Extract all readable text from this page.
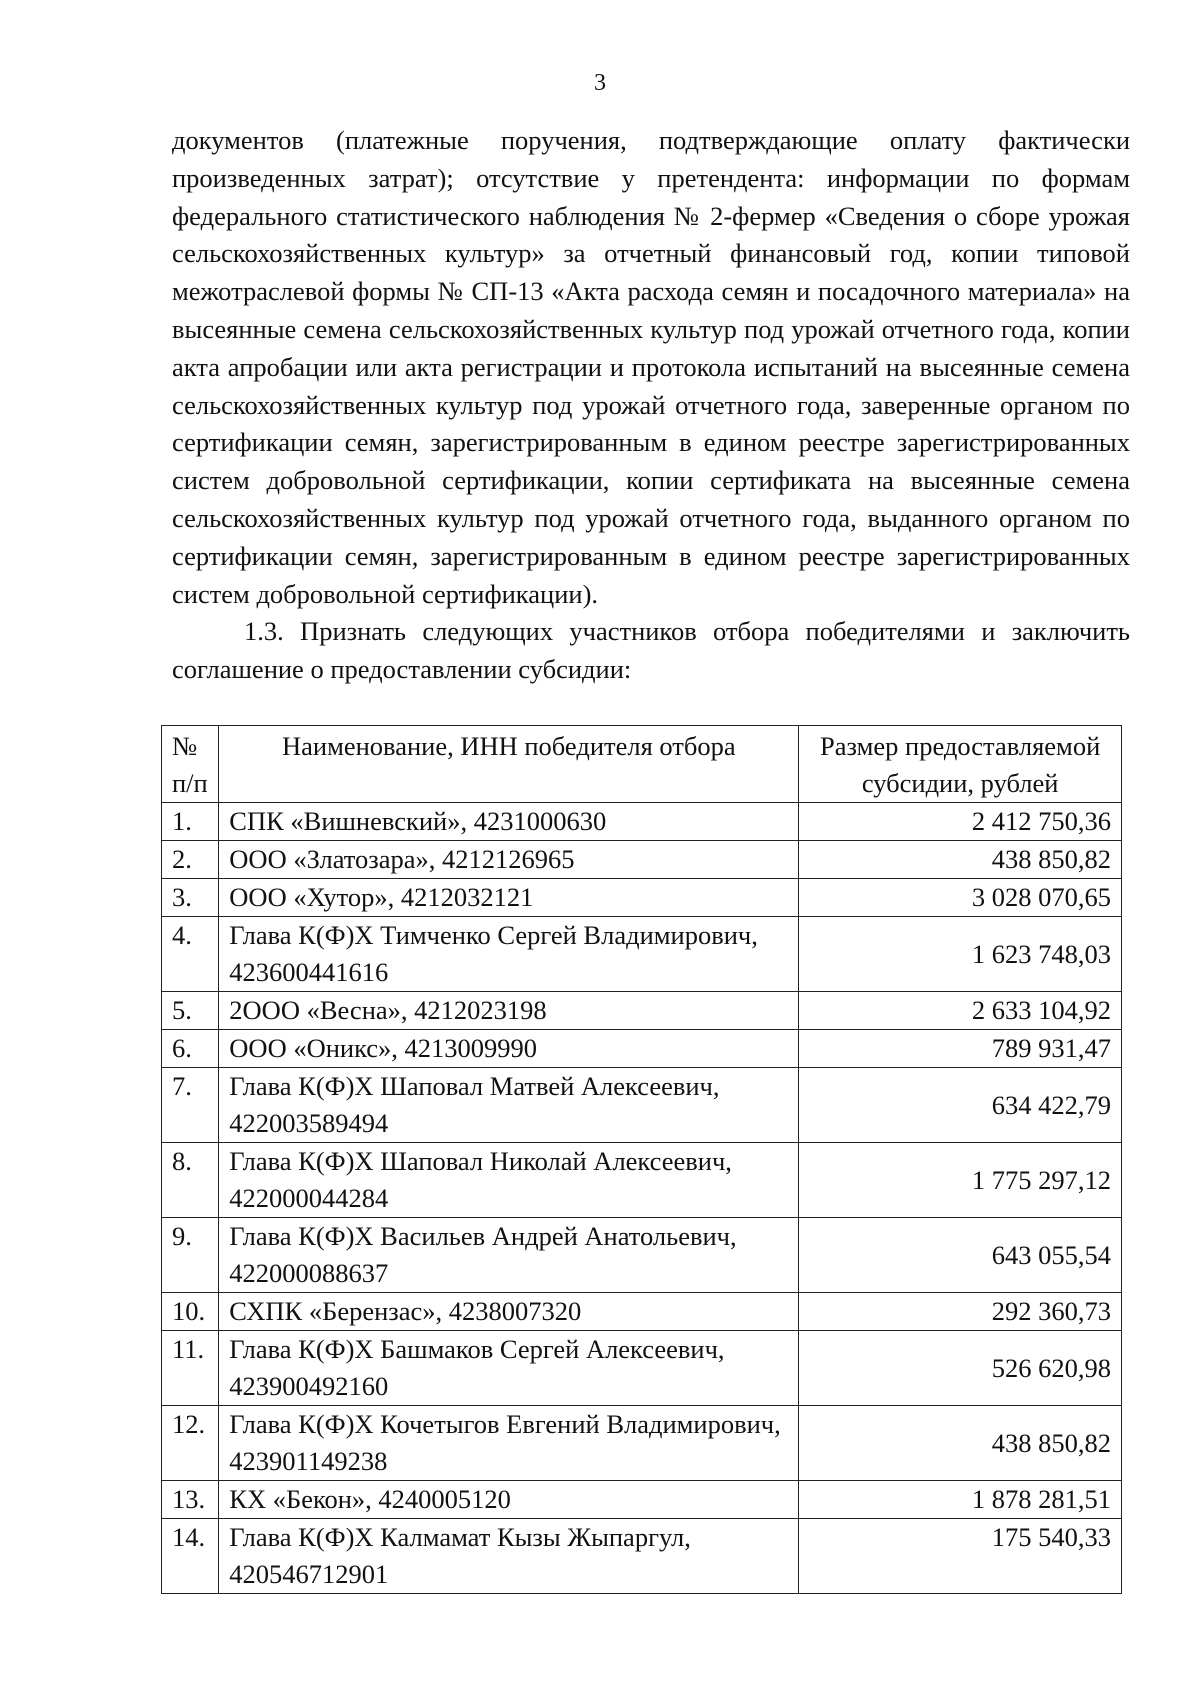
3

документов (платежные поручения, подтверждающие оплату фактически произведенных затрат); отсутствие у претендента: информации по формам федерального статистического наблюдения № 2-фермер «Сведения о сборе урожая сельскохозяйственных культур» за отчетный финансовый год, копии типовой межотраслевой формы № СП-13 «Акта расхода семян и посадочного материала» на высеянные семена сельскохозяйственных культур под урожай отчетного года, копии акта апробации или акта регистрации и протокола испытаний на высеянные семена сельскохозяйственных культур под урожай отчетного года, заверенные органом по сертификации семян, зарегистрированным в едином реестре зарегистрированных систем добровольной сертификации, копии сертификата на высеянные семена сельскохозяйственных культур под урожай отчетного года, выданного органом по сертификации семян, зарегистрированным в едином реестре зарегистрированных систем добровольной сертификации).

1.3. Признать следующих участников отбора победителями и заключить соглашение о предоставлении субсидии:

№ п/п	Наименование, ИНН победителя отбора	Размер предоставляемой субсидии, рублей
1.	СПК «Вишневский», 4231000630	2 412 750,36
2.	ООО «Златозара», 4212126965	438 850,82
3.	ООО «Хутор», 4212032121	3 028 070,65
4.	Глава К(Ф)Х Тимченко Сергей Владимирович, 423600441616	1 623 748,03
5.	2ООО «Весна», 4212023198	2 633 104,92
6.	ООО «Оникс», 4213009990	789 931,47
7.	Глава К(Ф)Х Шаповал Матвей Алексеевич, 422003589494	634 422,79
8.	Глава К(Ф)Х Шаповал Николай Алексеевич, 422000044284	1 775 297,12
9.	Глава К(Ф)Х Васильев Андрей Анатольевич, 422000088637	643 055,54
10.	СХПК «Берензас», 4238007320	292 360,73
11.	Глава К(Ф)Х Башмаков Сергей Алексеевич, 423900492160	526 620,98
12.	Глава К(Ф)Х Кочетыгов Евгений Владимирович, 423901149238	438 850,82
13.	КХ «Бекон», 4240005120	1 878 281,51
14.	Глава К(Ф)Х Калмамат Кызы Жыпаргул, 420546712901	175 540,33
